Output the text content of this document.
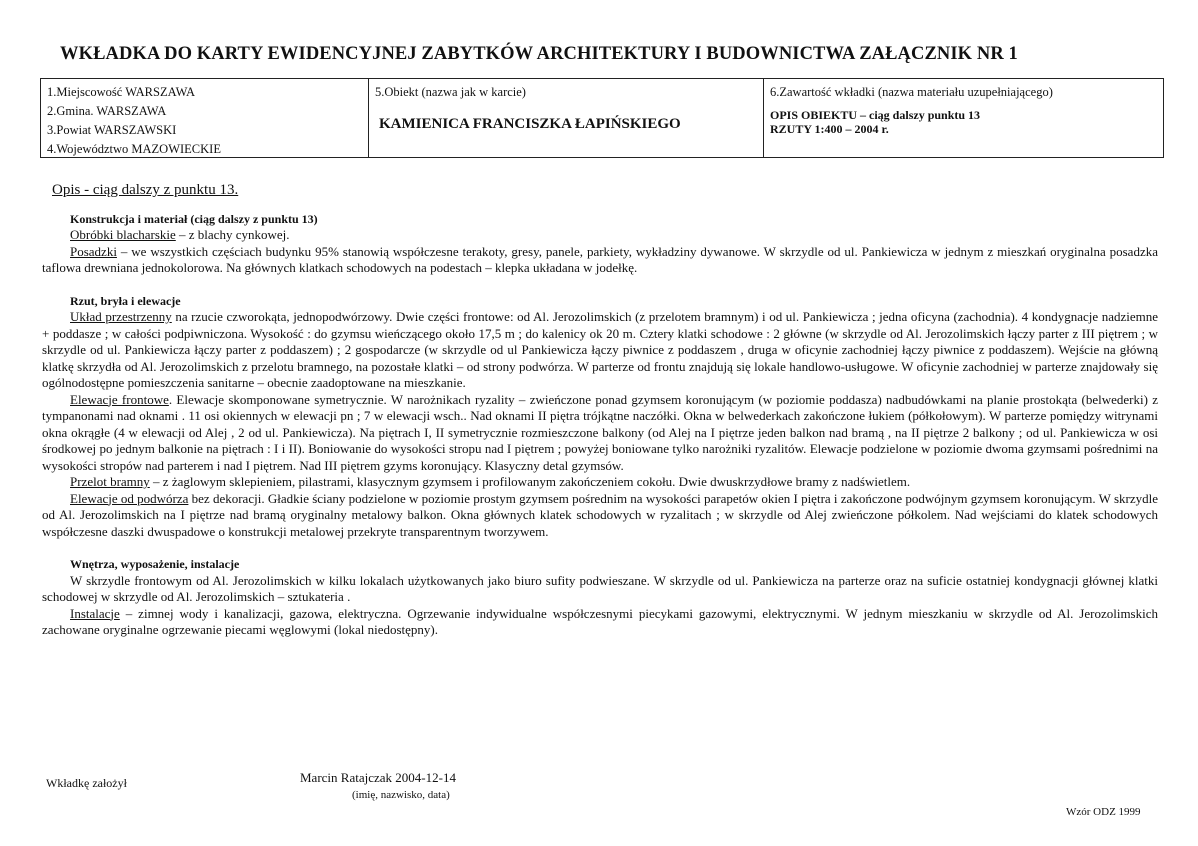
WKŁADKA DO KARTY EWIDENCYJNEJ ZABYTKÓW ARCHITEKTURY I BUDOWNICTWA ZAŁĄCZNIK NR 1
1.Miejscowość WARSZAWA
2.Gmina. WARSZAWA
3.Powiat WARSZAWSKI
4.Województwo MAZOWIECKIE
5.Obiekt (nazwa jak w karcie)
KAMIENICA FRANCISZKA ŁAPIŃSKIEGO
6.Zawartość wkładki (nazwa materiału uzupełniającego)
OPIS OBIEKTU – ciąg dalszy punktu 13
RZUTY 1:400 – 2004 r.
Opis - ciąg dalszy z punktu 13.
Konstrukcja i materiał (ciąg dalszy z punktu 13)

Obróbki blacharskie – z blachy cynkowej.

Posadzki – we wszystkich częściach budynku 95% stanowią współczesne terakoty, gresy, panele, parkiety, wykładziny dywanowe. W skrzydle od ul. Pankiewicza w jednym z mieszkań oryginalna posadzka taflowa drewniana jednokolorowa. Na głównych klatkach schodowych na podestach – klepka układana w jodełkę.

Rzut, bryła i elewacje

Układ przestrzenny na rzucie czworokąta, jednopodwórzowy. Dwie części frontowe: od Al. Jerozolimskich (z przelotem bramnym) i od ul. Pankiewicza ; jedna oficyna (zachodnia). 4 kondygnacje nadziemne + poddasze ; w całości podpiwniczona. Wysokość : do gzymsu wieńczącego około 17,5 m ; do kalenicy ok 20 m. Cztery klatki schodowe : 2 główne (w skrzydle od Al. Jerozolimskich łączy parter z III piętrem ; w skrzydle od ul. Pankiewicza łączy parter z poddaszem) ; 2 gospodarcze (w skrzydle od ul Pankiewicza łączy piwnice z poddaszem , druga w oficynie zachodniej łączy piwnice z poddaszem). Wejście na główną klatkę skrzydła od Al. Jerozolimskich z przelotu bramnego, na pozostałe klatki – od strony podwórza. W parterze od frontu znajdują się lokale handlowo-usługowe. W oficynie zachodniej w parterze znajdowały się ogólnodostępne pomieszczenia sanitarne – obecnie zaadoptowane na mieszkanie.

Elewacje frontowe. Elewacje skomponowane symetrycznie. W narożnikach ryzality – zwieńczone ponad gzymsem koronującym (w poziomie poddasza) nadbudówkami na planie prostokąta (belwederki) z tympanonami nad oknami . 11 osi okiennych w elewacji pn ; 7 w elewacji wsch.. Nad oknami II piętra trójkątne naczółki. Okna w belwederkach zakończone łukiem (półkołowym). W parterze pomiędzy witrynami okna okrągłe (4 w elewacji od Alej , 2 od ul. Pankiewicza). Na piętrach I, II symetrycznie rozmieszczone balkony (od Alej na I piętrze jeden balkon nad bramą , na II piętrze 2 balkony ; od ul. Pankiewicza w osi środkowej po jednym balkonie na piętrach : I i II). Boniowanie do wysokości stropu nad I piętrem ; powyżej boniowane tylko narożniki ryzalitów. Elewacje podzielone w poziomie dwoma gzymsami pośrednimi na wysokości stropów nad parterem i nad I piętrem. Nad III piętrem gzyms koronujący. Klasyczny detal gzymsów.

Przelot bramny – z żaglowym sklepieniem, pilastrami, klasycznym gzymsem i profilowanym zakończeniem cokołu. Dwie dwuskrzydłowe bramy z nadświetlem.

Elewacje od podwórza bez dekoracji. Gładkie ściany podzielone w poziomie prostym gzymsem pośrednim na wysokości parapetów okien I piętra i zakończone podwójnym gzymsem koronującym. W skrzydle od Al. Jerozolimskich na I piętrze nad bramą oryginalny metalowy balkon. Okna głównych klatek schodowych w ryzalitach ; w skrzydle od Alej zwieńczone półkolem. Nad wejściami do klatek schodowych współczesne daszki dwuspadowe o konstrukcji metalowej przekryte transparentnym tworzywem.

Wnętrza, wyposażenie, instalacje

W skrzydle frontowym od Al. Jerozolimskich w kilku lokalach użytkowanych jako biuro sufity podwieszane. W skrzydle od ul. Pankiewicza na parterze oraz na suficie ostatniej kondygnacji głównej klatki schodowej w skrzydle od Al. Jerozolimskich – sztukateria .

Instalacje – zimnej wody i kanalizacji, gazowa, elektryczna. Ogrzewanie indywidualne współczesnymi piecykami gazowymi, elektrycznymi. W jednym mieszkaniu w skrzydle od Al. Jerozolimskich zachowane oryginalne ogrzewanie piecami węglowymi (lokal niedostępny).

Wkładkę założył	Marcin Ratajczak 2004-12-14
(imię, nazwisko, data)
Wzór ODZ 1999
